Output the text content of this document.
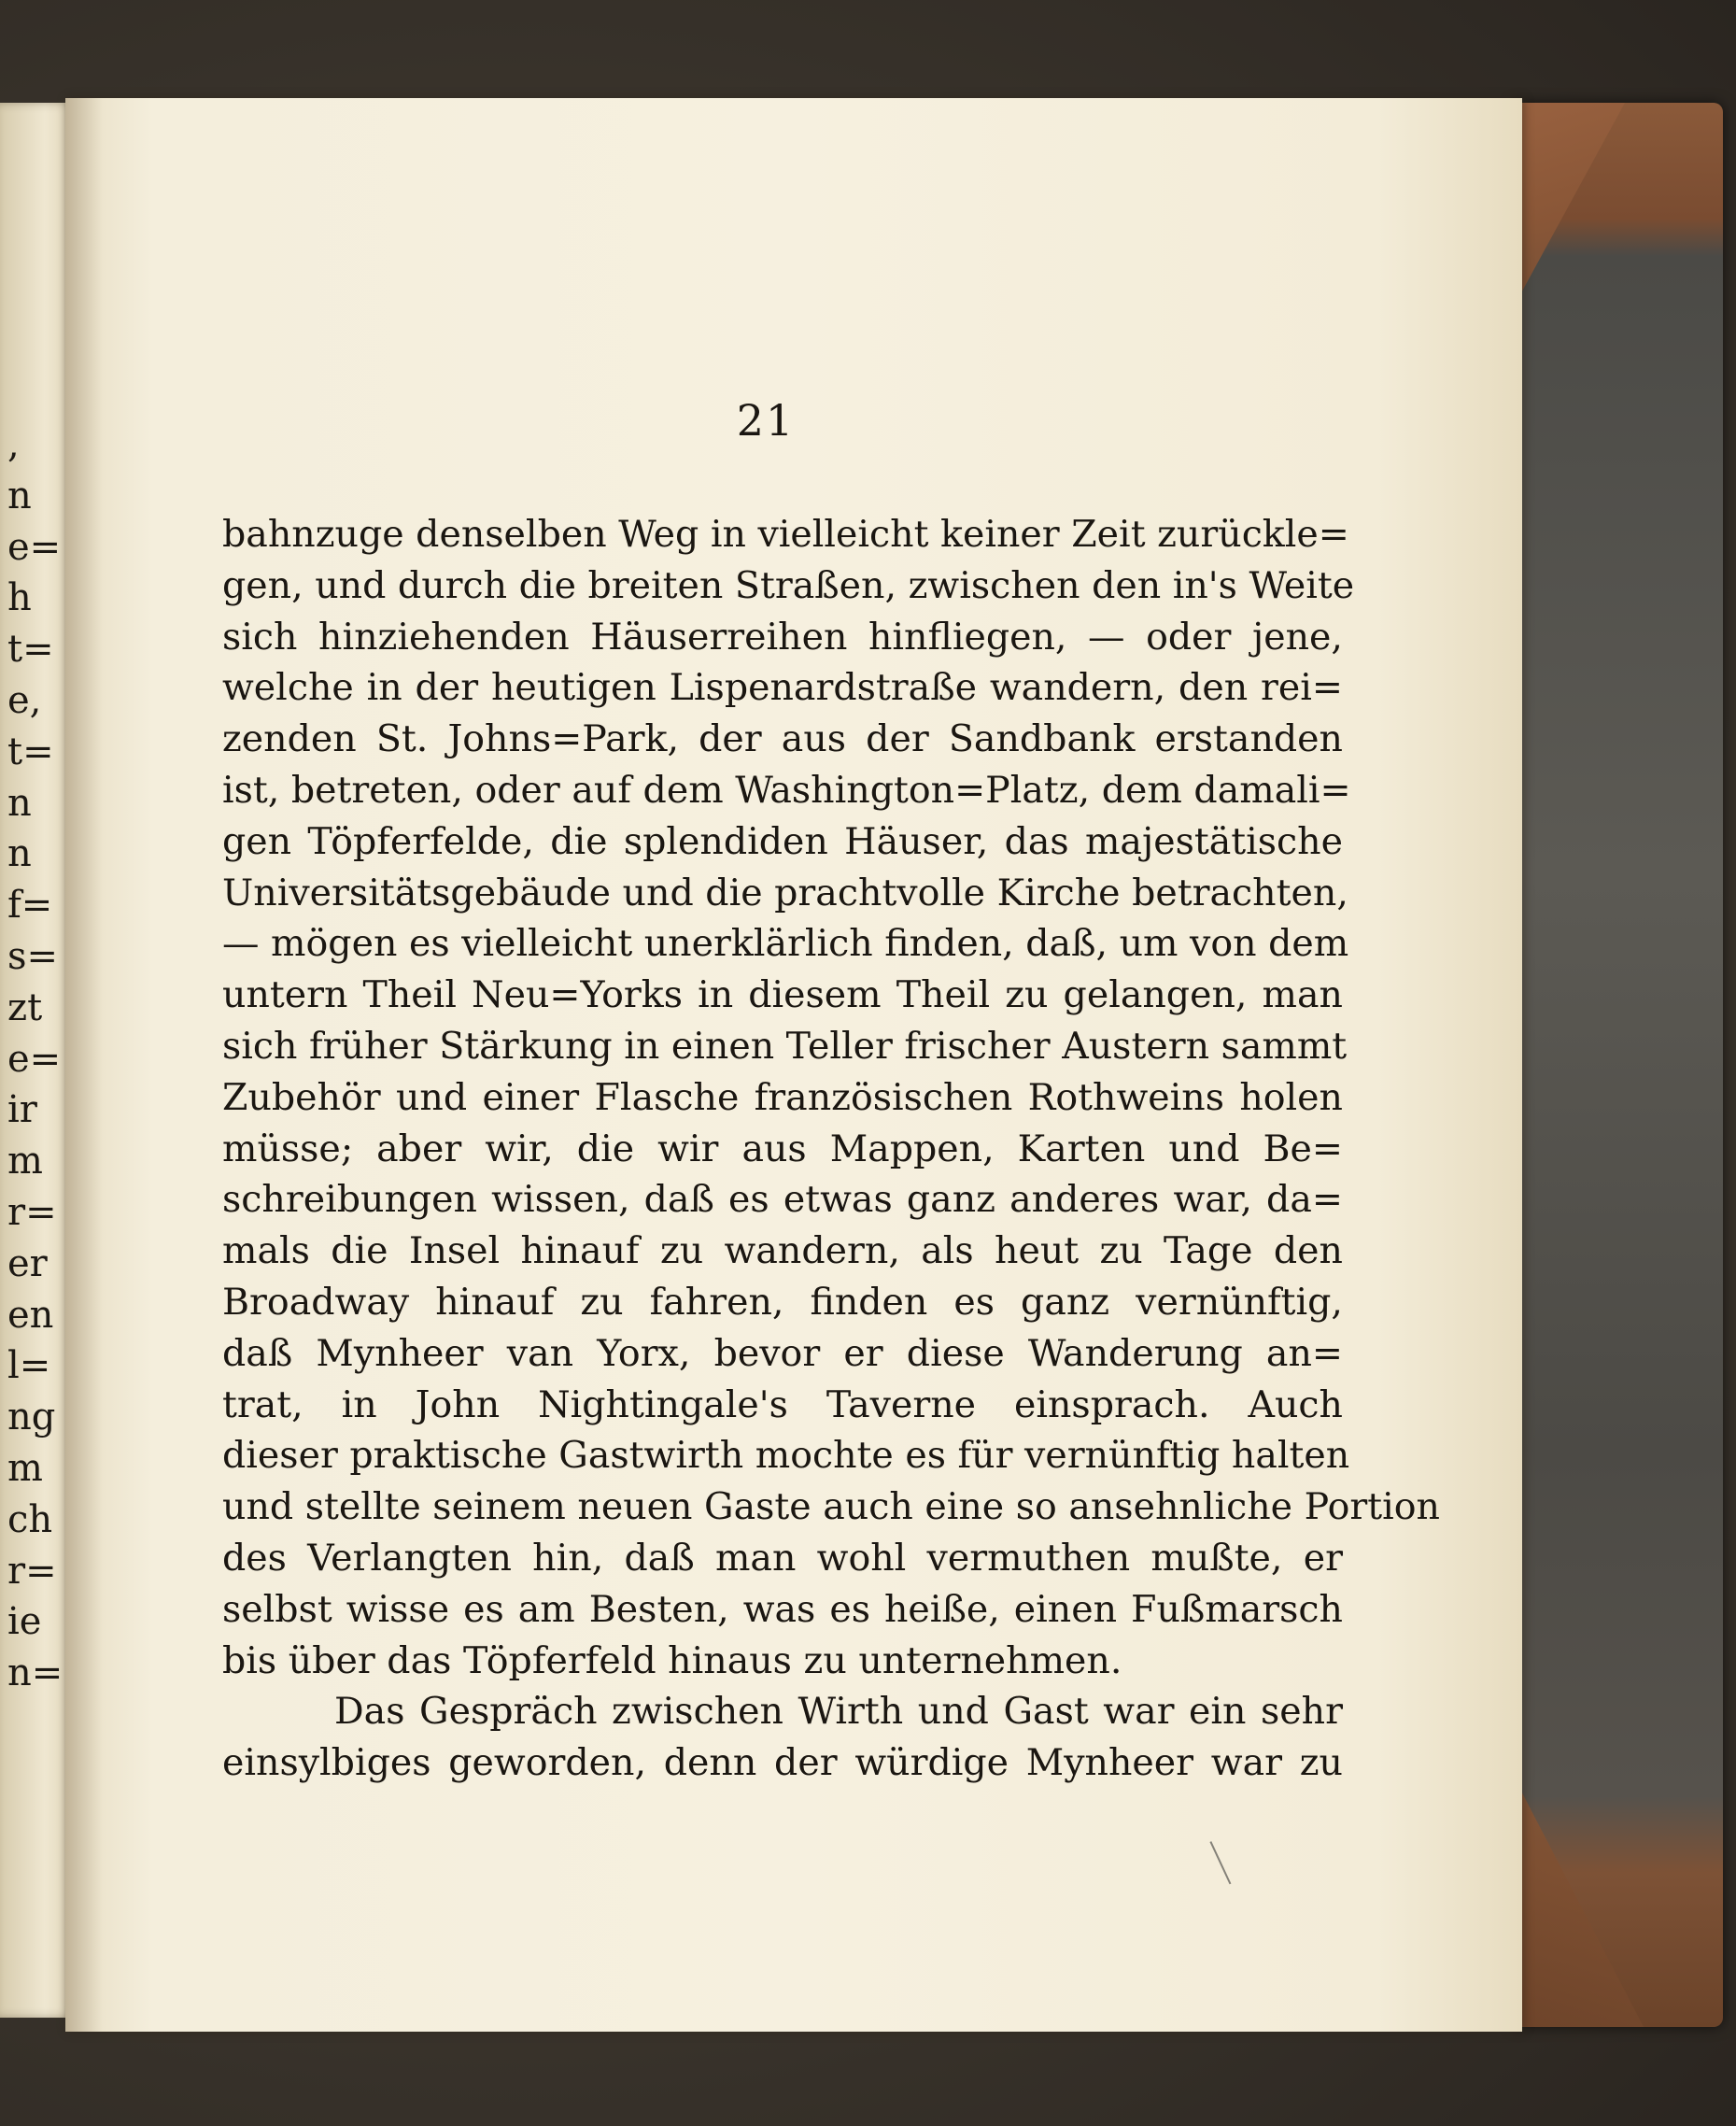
,
n
e=
h
t=
e,
t=
n
n
f=
s=
zt
e=
ir
m
r=
er
en
l=
ng
m
ch
r=
ie
n=
21
bahnzuge denselben Weg in vielleicht keiner Zeit zurückle=
gen, und durch die breiten Straßen, zwischen den in's Weite
sich hinziehenden Häuserreihen hinfliegen, — oder jene,
welche in der heutigen Lispenardstraße wandern, den rei=
zenden St. Johns=Park, der aus der Sandbank erstanden
ist, betreten, oder auf dem Washington=Platz, dem damali=
gen Töpferfelde, die splendiden Häuser, das majestätische
Universitätsgebäude und die prachtvolle Kirche betrachten,
— mögen es vielleicht unerklärlich finden, daß, um von dem
untern Theil Neu=Yorks in diesem Theil zu gelangen, man
sich früher Stärkung in einen Teller frischer Austern sammt
Zubehör und einer Flasche französischen Rothweins holen
müsse; aber wir, die wir aus Mappen, Karten und Be=
schreibungen wissen, daß es etwas ganz anderes war, da=
mals die Insel hinauf zu wandern, als heut zu Tage den
Broadway hinauf zu fahren, finden es ganz vernünftig,
daß Mynheer van Yorx, bevor er diese Wanderung an=
trat, in John Nightingale's Taverne einsprach. Auch
dieser praktische Gastwirth mochte es für vernünftig halten
und stellte seinem neuen Gaste auch eine so ansehnliche Portion
des Verlangten hin, daß man wohl vermuthen mußte, er
selbst wisse es am Besten, was es heiße, einen Fußmarsch
bis über das Töpferfeld hinaus zu unternehmen.
Das Gespräch zwischen Wirth und Gast war ein sehr
einsylbiges geworden, denn der würdige Mynheer war zu
